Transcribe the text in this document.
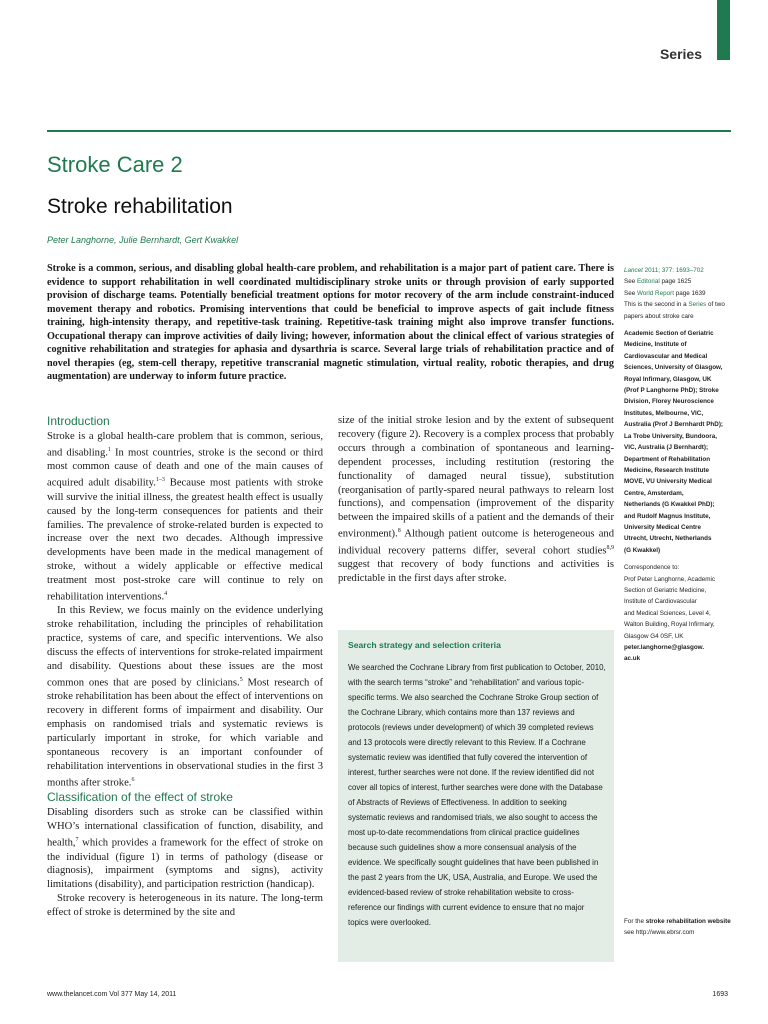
Series
Stroke Care 2
Stroke rehabilitation
Peter Langhorne, Julie Bernhardt, Gert Kwakkel

Stroke is a common, serious, and disabling global health-care problem, and rehabilitation is a major part of patient care. There is evidence to support rehabilitation in well coordinated multidisciplinary stroke units or through provision of early supported provision of discharge teams. Potentially beneficial treatment options for motor recovery of the arm include constraint-induced movement therapy and robotics. Promising interventions that could be beneficial to improve aspects of gait include fitness training, high-intensity therapy, and repetitive-task training. Repetitive-task training might also improve transfer functions. Occupational therapy can improve activities of daily living; however, information about the clinical effect of various strategies of cognitive rehabilitation and strategies for aphasia and dysarthria is scarce. Several large trials of rehabilitation practice and of novel therapies (eg, stem-cell therapy, repetitive transcranial magnetic stimulation, virtual reality, robotic therapies, and drug augmentation) are underway to inform future practice.

Lancet 2011; 377: 1693–702

See Editorial page 1625

See World Report page 1639

This is the second in a Series of two papers about stroke care

Academic Section of Geriatric
Medicine, Institute of
Cardiovascular and Medical
Sciences, University of Glasgow,
Royal Infirmary, Glasgow, UK
(Prof P Langhorne PhD); Stroke
Division, Florey Neuroscience
Institutes, Melbourne, VIC,
Australia (Prof J Bernhardt PhD);
La Trobe University, Bundoora,
VIC, Australia (J Bernhardt);
Department of Rehabilitation
Medicine, Research Institute
MOVE, VU University Medical
Centre, Amsterdam,
Netherlands (G Kwakkel PhD);
and Rudolf Magnus Institute,
University Medical Centre
Utrecht, Utrecht, Netherlands
(G Kwakkel)
Correspondence to:
Prof Peter Langhorne, Academic
Section of Geriatric Medicine,
Institute of Cardiovascular
and Medical Sciences, Level 4,
Walton Building, Royal Infirmary,
Glasgow G4 0SF, UK
peter.langhorne@glasgow.
ac.uk
Introduction

Stroke is a global health-care problem that is common, serious, and disabling.$^1$ In most countries, stroke is the second or third most common cause of death and one of the main causes of acquired adult disability.$^{1-3}$ Because most patients with stroke will survive the initial illness, the greatest health effect is usually caused by the long-term consequences for patients and their families. The prevalence of stroke-related burden is expected to increase over the next two decades. Although impressive developments have been made in the medical management of stroke, without a widely applicable or effective medical treatment most post-stroke care will continue to rely on rehabilitation interventions.$^4$

In this Review, we focus mainly on the evidence underlying stroke rehabilitation, including the principles of rehabilitation practice, systems of care, and specific interventions. We also discuss the effects of interventions for stroke-related impairment and disability. Questions about these issues are the most common ones that are posed by clinicians.$^5$ Most research of stroke rehabilitation has been about the effect of interventions on recovery in different forms of impairment and disability. Our emphasis on randomised trials and systematic reviews is particularly important in stroke, for which variable and spontaneous recovery is an important confounder of rehabilitation interventions in observational studies in the first 3 months after stroke.$^6$

Classification of the effect of stroke

Disabling disorders such as stroke can be classified within WHO’s international classification of function, disability, and health,$^7$ which provides a framework for the effect of stroke on the individual (figure 1) in terms of pathology (disease or diagnosis), impairment (symptoms and signs), activity limitations (disability), and participation restriction (handicap).

Stroke recovery is heterogeneous in its nature. The long-term effect of stroke is determined by the site and

size of the initial stroke lesion and by the extent of subsequent recovery (figure 2). Recovery is a complex process that probably occurs through a combination of spontaneous and learning-dependent processes, including restitution (restoring the functionality of damaged neural tissue), substitution (reorganisation of partly-spared neural pathways to relearn lost functions), and compensation (improvement of the disparity between the impaired skills of a patient and the demands of their environment).$^8$ Although patient outcome is heterogeneous and individual recovery patterns differ, several cohort studies$^{8,9}$ suggest that recovery of body functions and activities is predictable in the first days after stroke.

Search strategy and selection criteria

We searched the Cochrane Library from first publication to October, 2010, with the search terms “stroke” and “rehabilitation” and various topic-specific terms. We also searched the Cochrane Stroke Group section of the Cochrane Library, which contains more than 137 reviews and protocols (reviews under development) of which 39 completed reviews and 13 protocols were directly relevant to this Review. If a Cochrane systematic review was identified that fully covered the intervention of interest, further searches were not done. If the review identified did not cover all topics of interest, further searches were done with the Database of Abstracts of Reviews of Effectiveness. In addition to seeking systematic reviews and randomised trials, we also sought to access the most up-to-date recommendations from clinical practice guidelines because such guidelines show a more consensual analysis of the evidence. We specifically sought guidelines that have been published in the past 2 years from the UK, USA, Australia, and Europe. We used the evidenced-based review of stroke rehabilitation website to cross-reference our findings with current evidence to ensure that no major topics were overlooked.	For the stroke rehabilitation website see http://www.ebrsr.com
www.thelancet.com Vol 377 May 14, 2011	1693
